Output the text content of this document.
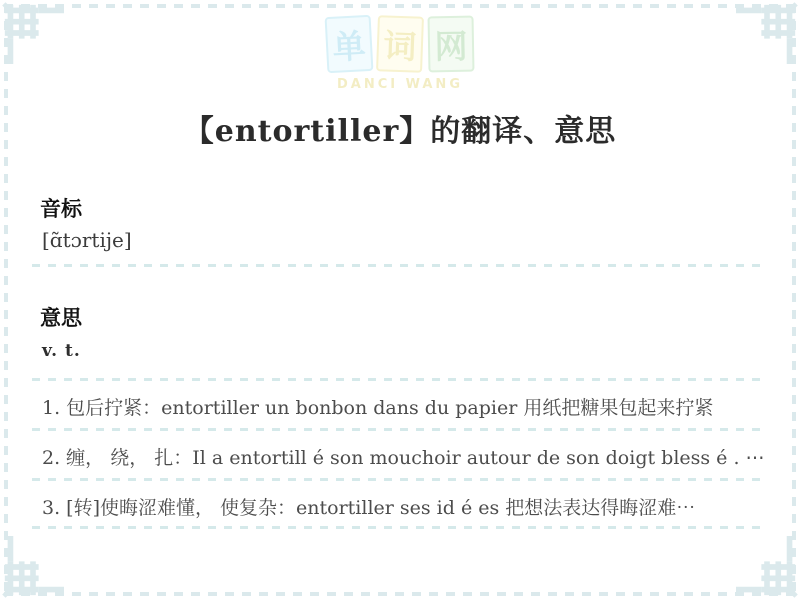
单 词 网
DANCI WANG
【entortiller】的翻译、意思
音标
[ɑ̃tɔrtije]
意思
v. t.
1. 包后拧紧：entortiller un bonbon dans du papier 用纸把糖果包起来拧紧
2. 缠， 绕， 扎：Il a entortill é son mouchoir autour de son doigt bless é . ⋯
3. [转]使晦涩难懂， 使复杂：entortiller ses id é es 把想法表达得晦涩难⋯
